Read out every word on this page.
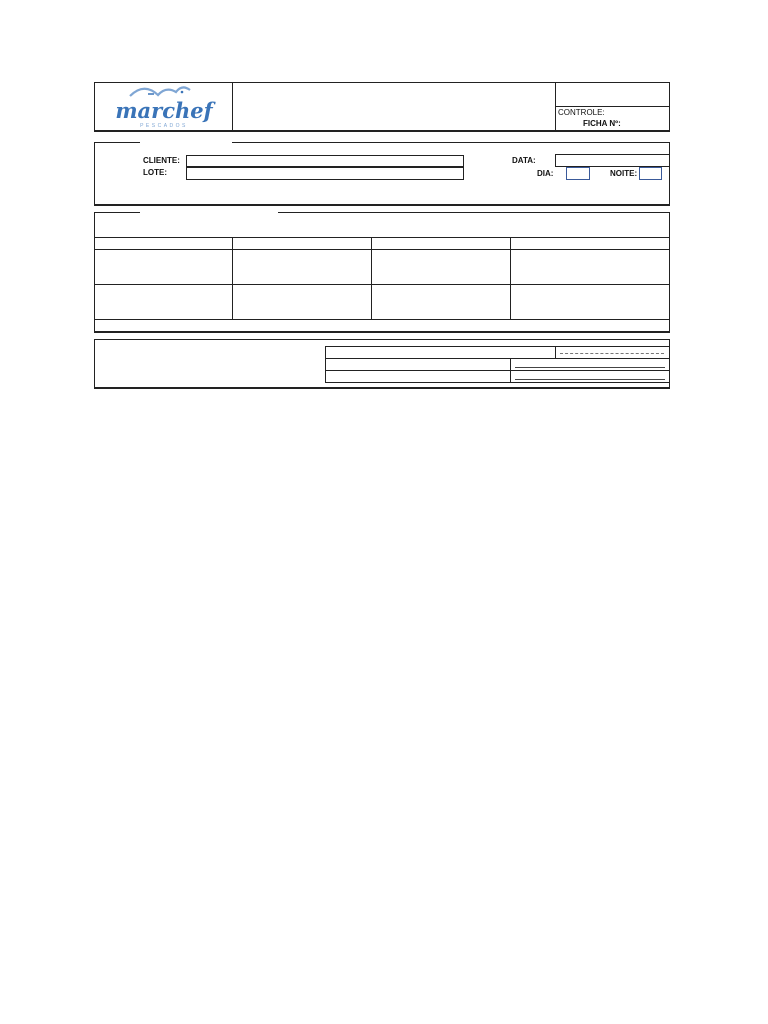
marchef
PESCADOS
CONTROLE:
FICHA Nº:
CLIENTE:
LOTE:
DATA:
DIA:	NOITE:
